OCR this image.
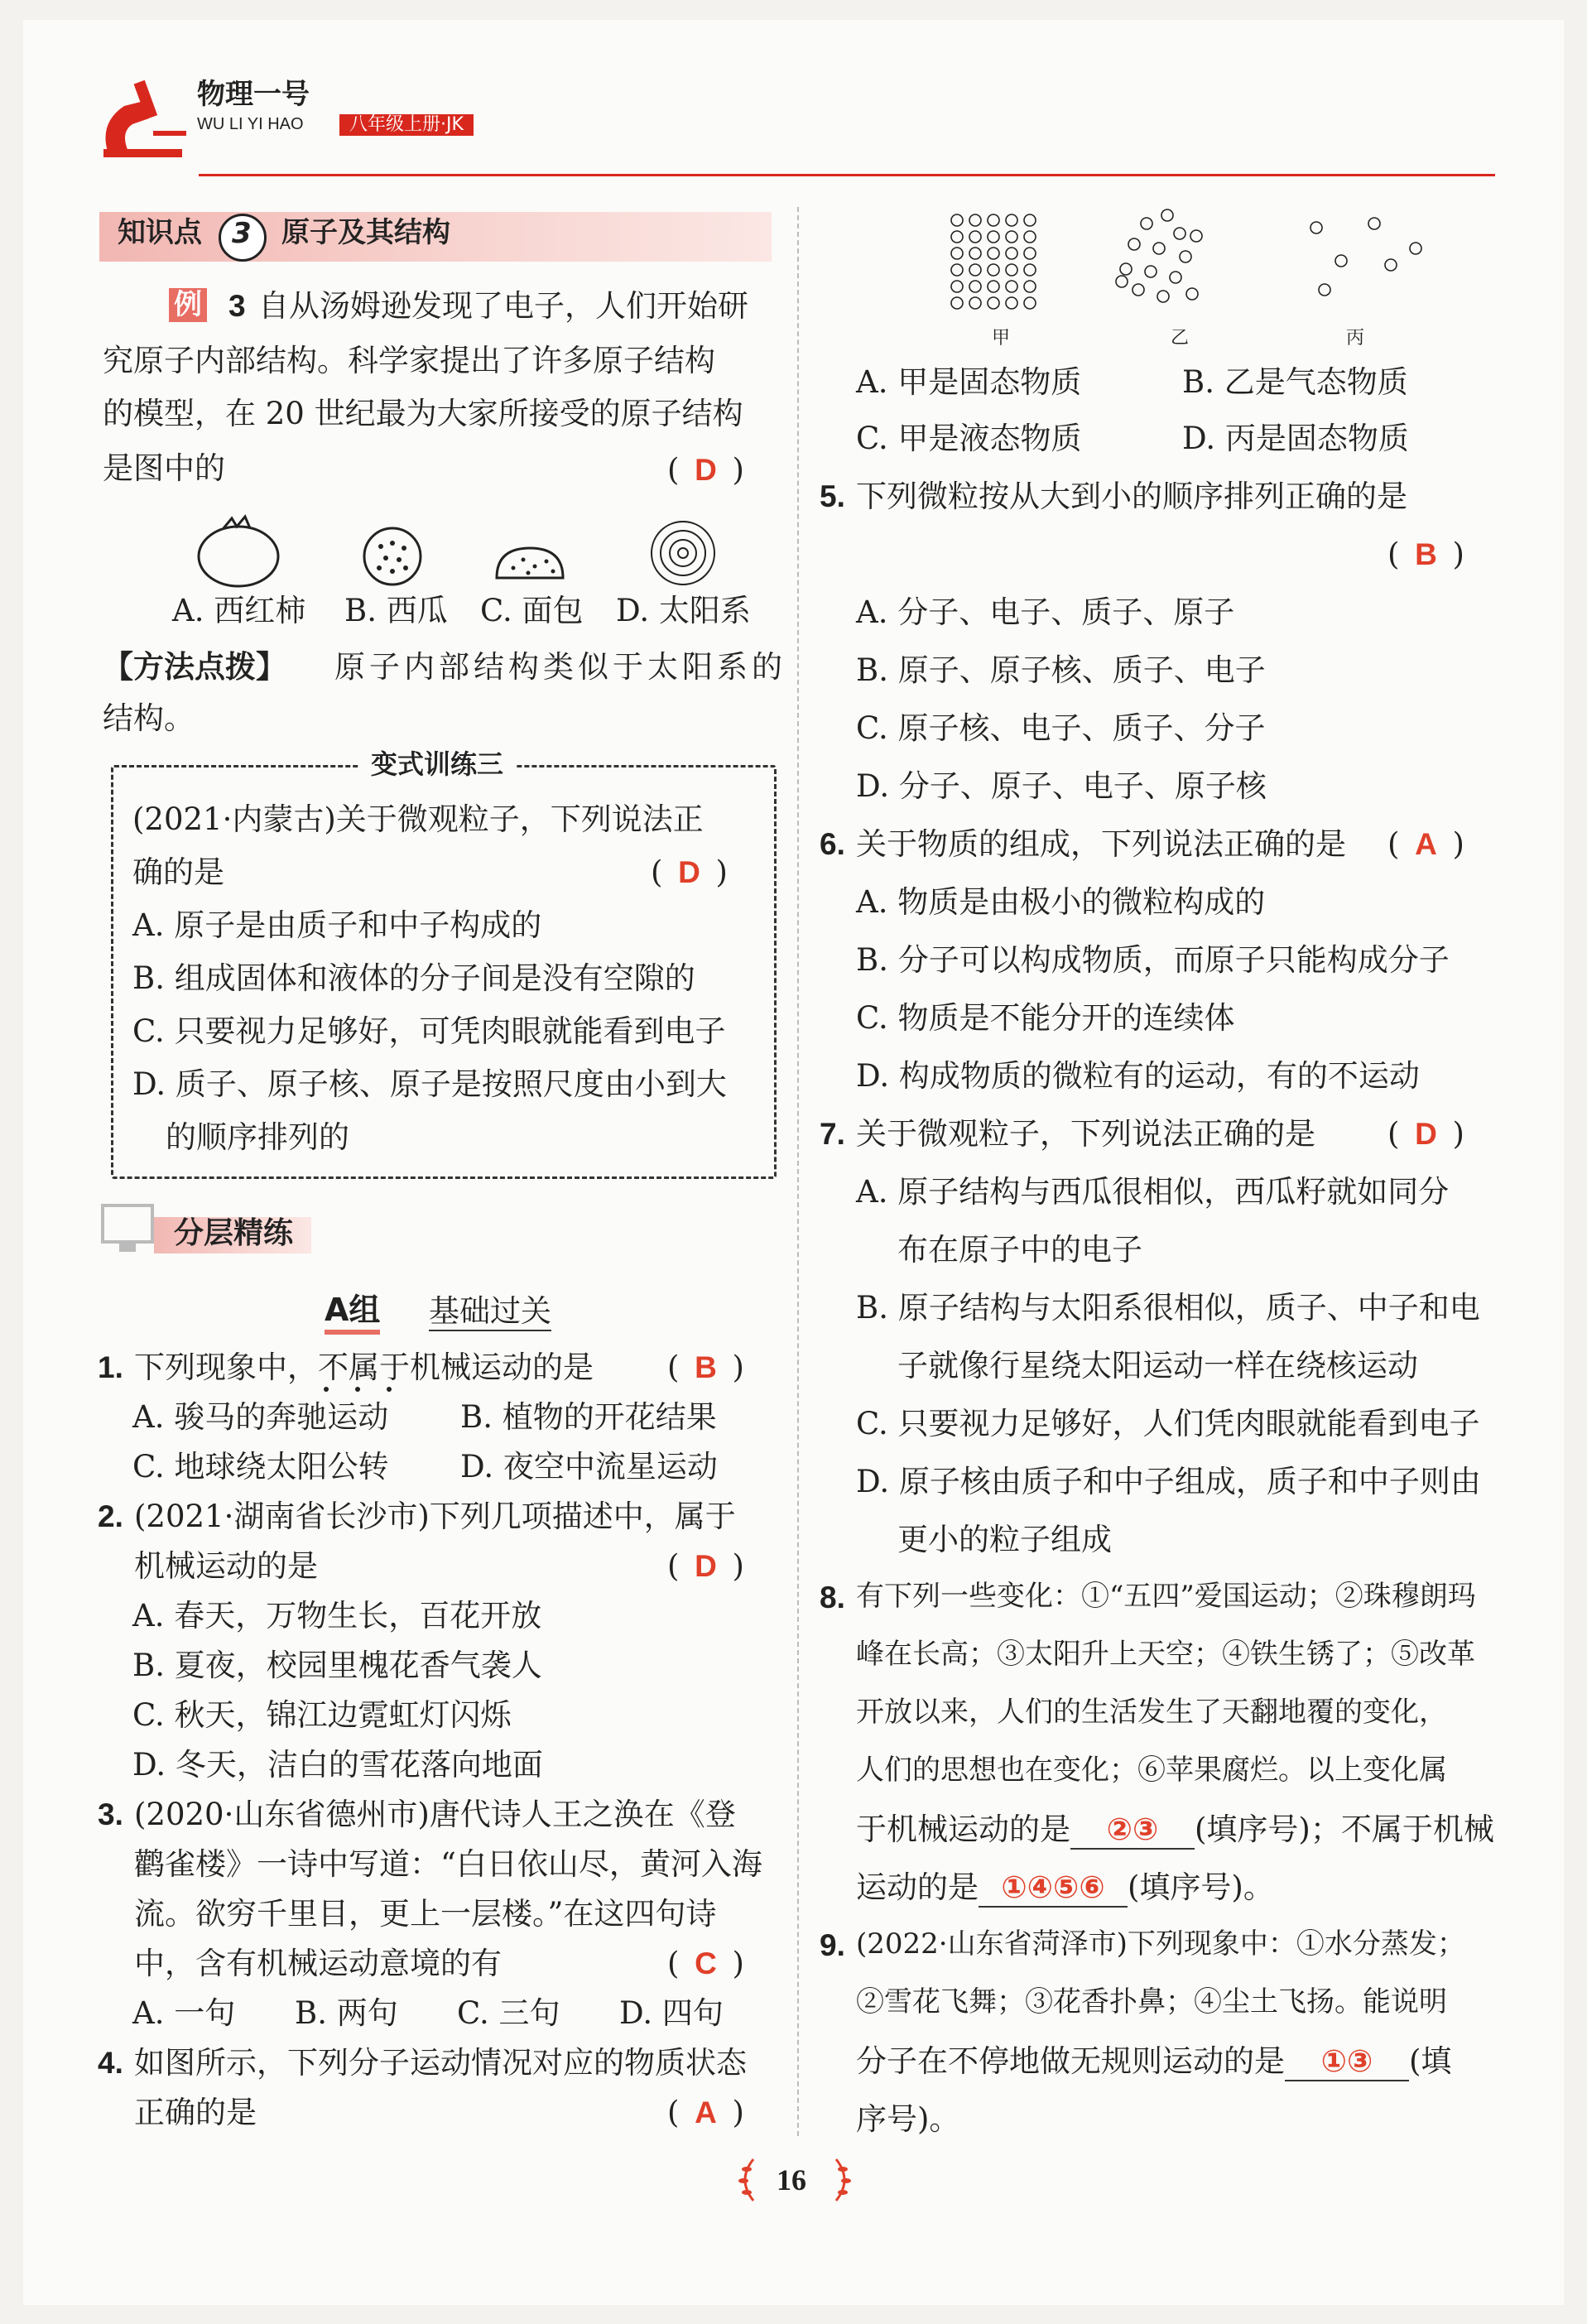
物理一号
WU LI YI HAO	八年级上册·JK
知识点 3 原子及其结构
例 3 自从汤姆逊发现了电子，人们开始研
究原子内部结构。科学家提出了许多原子结构
的模型，在 20 世纪最为大家所接受的原子结构
是图中的	( D )
A. 西红柿 B. 西瓜 C. 面包 D. 太阳系
【方法点拨】 原子内部结构类似于太阳系的
结构。
变式训练三
(2021·内蒙古)关于微观粒子，下列说法正
确的是	( D )
A. 原子是由质子和中子构成的
B. 组成固体和液体的分子间是没有空隙的
C. 只要视力足够好，可凭肉眼就能看到电子
D. 质子、原子核、原子是按照尺度由小到大
的顺序排列的
分层精练
A组 基础过关
1. 下列现象中，不属于机械运动的是 ( B )
A. 骏马的奔驰运动 B. 植物的开花结果
C. 地球绕太阳公转 D. 夜空中流星运动
2. (2021·湖南省长沙市)下列几项描述中，属于
机械运动的是	( D )
A. 春天，万物生长，百花开放
B. 夏夜，校园里槐花香气袭人
C. 秋天，锦江边霓虹灯闪烁
D. 冬天，洁白的雪花落向地面
3. (2020·山东省德州市)唐代诗人王之涣在《登
鹳雀楼》一诗中写道：“白日依山尽，黄河入海
流。欲穷千里目，更上一层楼。”在这四句诗
中，含有机械运动意境的有	( C )
A. 一句 B. 两句 C. 三句 D. 四句
4. 如图所示，下列分子运动情况对应的物质状态
正确的是	( A )
甲	乙	丙
A. 甲是固态物质	B. 乙是气态物质
C. 甲是液态物质	D. 丙是固态物质
5. 下列微粒按从大到小的顺序排列正确的是
( B )
A. 分子、电子、质子、原子
B. 原子、原子核、质子、电子
C. 原子核、电子、质子、分子
D. 分子、原子、电子、原子核
6. 关于物质的组成，下列说法正确的是 ( A )
A. 物质是由极小的微粒构成的
B. 分子可以构成物质，而原子只能构成分子
C. 物质是不能分开的连续体
D. 构成物质的微粒有的运动，有的不运动
7. 关于微观粒子，下列说法正确的是 ( D )
A. 原子结构与西瓜很相似，西瓜籽就如同分
布在原子中的电子
B. 原子结构与太阳系很相似，质子、中子和电
子就像行星绕太阳运动一样在绕核运动
C. 只要视力足够好，人们凭肉眼就能看到电子
D. 原子核由质子和中子组成，质子和中子则由
更小的粒子组成
8. 有下列一些变化：①“五四”爱国运动；②珠穆朗玛
峰在长高；③太阳升上天空；④铁生锈了；⑤改革
开放以来，人们的生活发生了天翻地覆的变化，
人们的思想也在变化；⑥苹果腐烂。以上变化属
于机械运动的是 ②③ (填序号)；不属于机械
运动的是 ①④⑤⑥ (填序号)。
9. (2022·山东省菏泽市)下列现象中：①水分蒸发；
②雪花飞舞；③花香扑鼻；④尘土飞扬。能说明
分子在不停地做无规则运动的是 ①③ (填
序号)。
16
